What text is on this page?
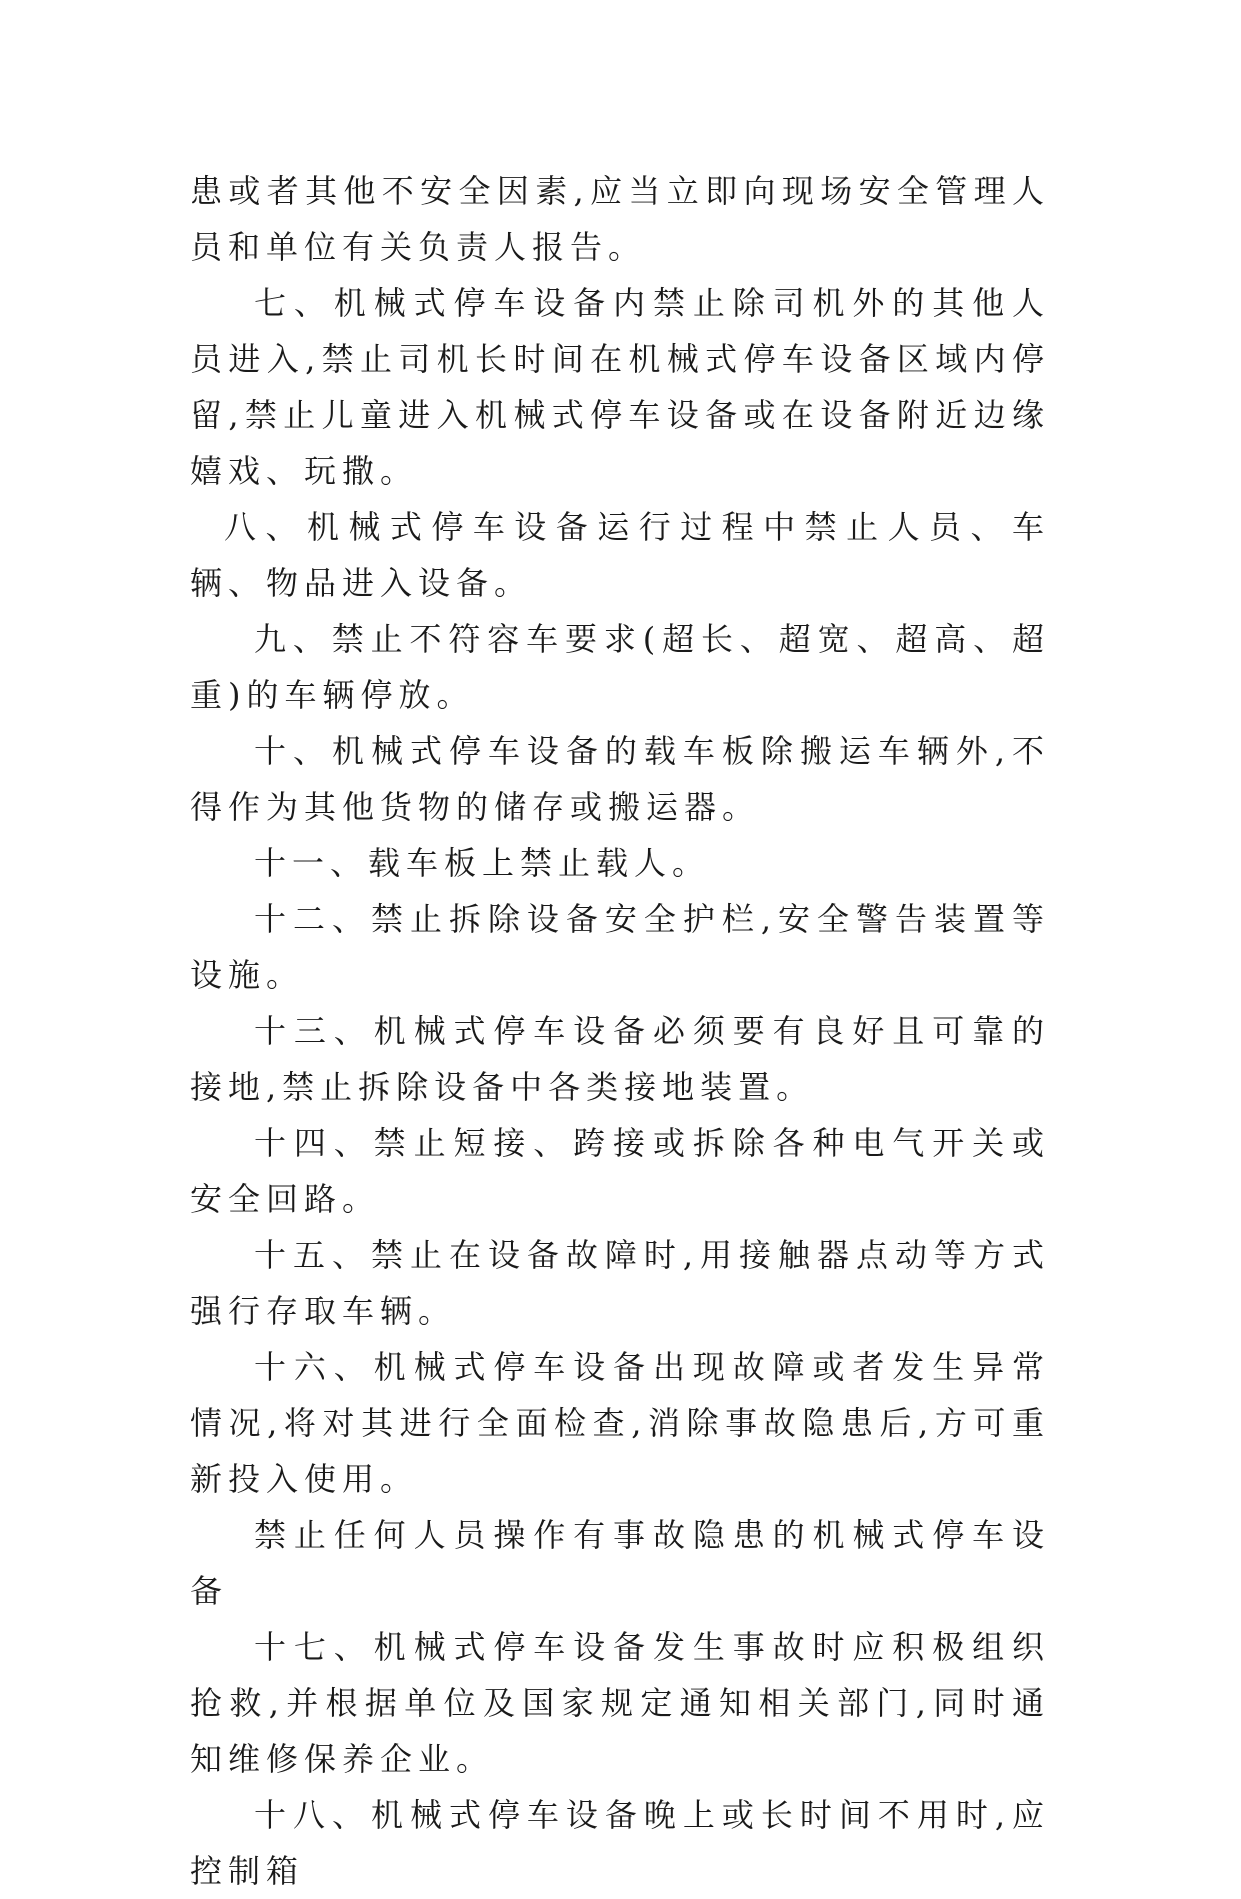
患或者其他不安全因素,应当立即向现场安全管理人员和单位有关负责人报告。

七、机械式停车设备内禁止除司机外的其他人员进入,禁止司机长时间在机械式停车设备区域内停留,禁止儿童进入机械式停车设备或在设备附近边缘嬉戏、玩撒。

八、机械式停车设备运行过程中禁止人员、车辆、物品进入设备。

九、禁止不符容车要求(超长、超宽、超高、超重)的车辆停放。

十、机械式停车设备的载车板除搬运车辆外,不得作为其他货物的储存或搬运器。

十一、载车板上禁止载人。

十二、禁止拆除设备安全护栏,安全警告装置等设施。

十三、机械式停车设备必须要有良好且可靠的接地,禁止拆除设备中各类接地装置。

十四、禁止短接、跨接或拆除各种电气开关或安全回路。

十五、禁止在设备故障时,用接触器点动等方式强行存取车辆。

十六、机械式停车设备出现故障或者发生异常情况,将对其进行全面检查,消除事故隐患后,方可重新投入使用。

禁止任何人员操作有事故隐患的机械式停车设备

十七、机械式停车设备发生事故时应积极组织抢救,并根据单位及国家规定通知相关部门,同时通知维修保养企业。

十八、机械式停车设备晚上或长时间不用时,应控制箱
